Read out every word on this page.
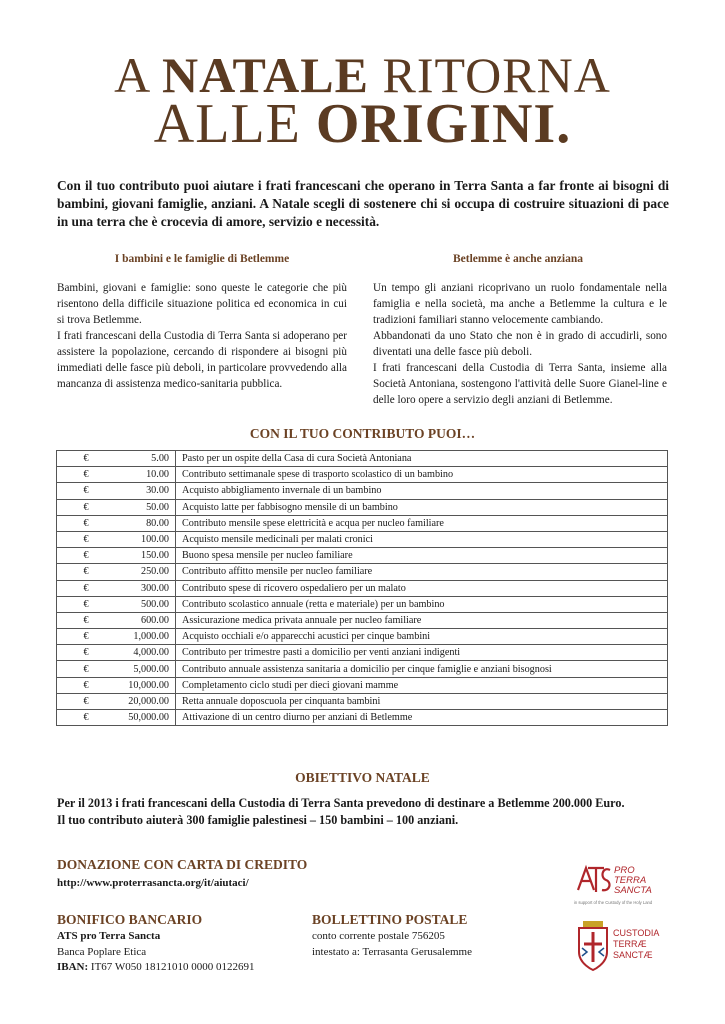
A NATALE RITORNA
ALLE ORIGINI.
Con il tuo contributo puoi aiutare i frati francescani che operano in Terra Santa a far fronte ai bisogni di bambini, giovani famiglie, anziani. A Natale scegli di sostenere chi si occupa di costruire situazioni di pace in una terra che è crocevia di amore, servizio e necessità.
I bambini e le famiglie di Betlemme	Betlemme è anche anziana

Bambini, giovani e famiglie: sono queste le categorie che più risentono della difficile situazione politica ed economica in cui si trova Betlemme.

I frati francescani della Custodia di Terra Santa si adoperano per assistere la popolazione, cercando di rispondere ai bisogni più immediati delle fasce più deboli, in particolare provvedendo alla mancanza di assistenza medico-sanitaria pubblica.

Un tempo gli anziani ricoprivano un ruolo fondamentale nella famiglia e nella società, ma anche a Betlemme la cultura e le tradizioni familiari stanno velocemente cambiando.

Abbandonati da uno Stato che non è in grado di accudirli, sono diventati una delle fasce più deboli.

I frati francescani della Custodia di Terra Santa, insieme alla Società Antoniana, sostengono l'attività delle Suore Gianel-line e delle loro opere a servizio degli anziani di Betlemme.

CON IL TUO CONTRIBUTO PUOI…
€	5.00	Pasto per un ospite della Casa di cura Società Antoniana
€	10.00	Contributo settimanale spese di trasporto scolastico di un bambino
€	30.00	Acquisto abbigliamento invernale di un bambino
€	50.00	Acquisto latte per fabbisogno mensile di un bambino
€	80.00	Contributo mensile spese elettricità e acqua per nucleo familiare
€	100.00	Acquisto mensile medicinali per malati cronici
€	150.00	Buono spesa mensile per nucleo familiare
€	250.00	Contributo affitto mensile per nucleo familiare
€	300.00	Contributo spese di ricovero ospedaliero per un malato
€	500.00	Contributo scolastico annuale (retta e materiale) per un bambino
€	600.00	Assicurazione medica privata annuale per nucleo familiare
€	1,000.00	Acquisto occhiali e/o apparecchi acustici per cinque bambini
€	4,000.00	Contributo per trimestre pasti a domicilio per venti anziani indigenti
€	5,000.00	Contributo annuale assistenza sanitaria a domicilio per cinque famiglie e anziani bisognosi
€	10,000.00	Completamento ciclo studi per dieci giovani mamme
€	20,000.00	Retta annuale doposcuola per cinquanta bambini
€	50,000.00	Attivazione di un centro diurno per anziani di Betlemme
OBIETTIVO NATALE
Per il 2013 i frati francescani della Custodia di Terra Santa prevedono di destinare a Betlemme 200.000 Euro.
Il tuo contributo aiuterà 300 famiglie palestinesi – 150 bambini – 100 anziani.
DONAZIONE CON CARTA DI CREDITO
http://www.proterrasancta.org/it/aiutaci/
BONIFICO BANCARIO
ATS pro Terra Sancta
Banca Poplare Etica
IBAN: IT67 W050 18121010 0000 0122691
BOLLETTINO POSTALE
conto corrente postale 756205
intestato a: Terrasanta Gerusalemme
PRO
TERRA
SANCTA
in support of the Custody of the Holy Land
CUSTODIA
TERRÆ
SANCTÆ
